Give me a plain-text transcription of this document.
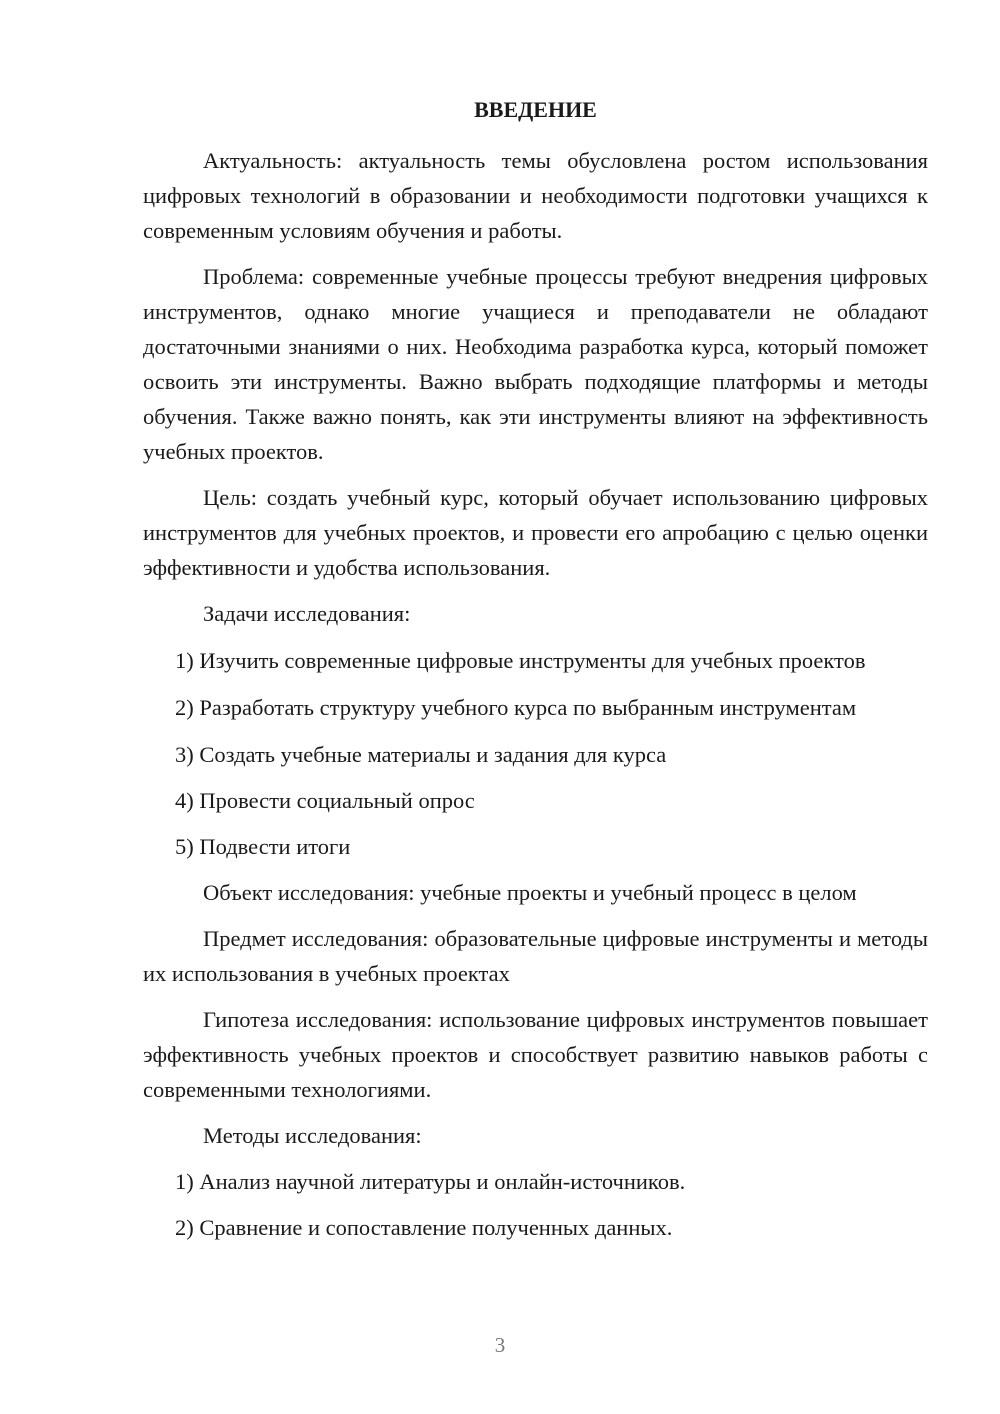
ВВЕДЕНИЕ

Актуальность: актуальность темы обусловлена ростом использования цифровых технологий в образовании и необходимости подготовки учащихся к современным условиям обучения и работы.

Проблема: современные учебные процессы требуют внедрения цифровых инструментов, однако многие учащиеся и преподаватели не обладают достаточными знаниями о них. Необходима разработка курса, который поможет освоить эти инструменты. Важно выбрать подходящие платформы и методы обучения. Также важно понять, как эти инструменты влияют на эффективность учебных проектов.

Цель: создать учебный курс, который обучает использованию цифровых инструментов для учебных проектов, и провести его апробацию с целью оценки эффективности и удобства использования.

Задачи исследования:

1) Изучить современные цифровые инструменты для учебных проектов

2) Разработать структуру учебного курса по выбранным инструментам

3) Создать учебные материалы и задания для курса

4) Провести социальный опрос

5) Подвести итоги

Объект исследования: учебные проекты и учебный процесс в целом

Предмет исследования: образовательные цифровые инструменты и методы их использования в учебных проектах

Гипотеза исследования: использование цифровых инструментов повышает эффективность учебных проектов и способствует развитию навыков работы с современными технологиями.

Методы исследования:

1) Анализ научной литературы и онлайн-источников.

2) Сравнение и сопоставление полученных данных.

3
